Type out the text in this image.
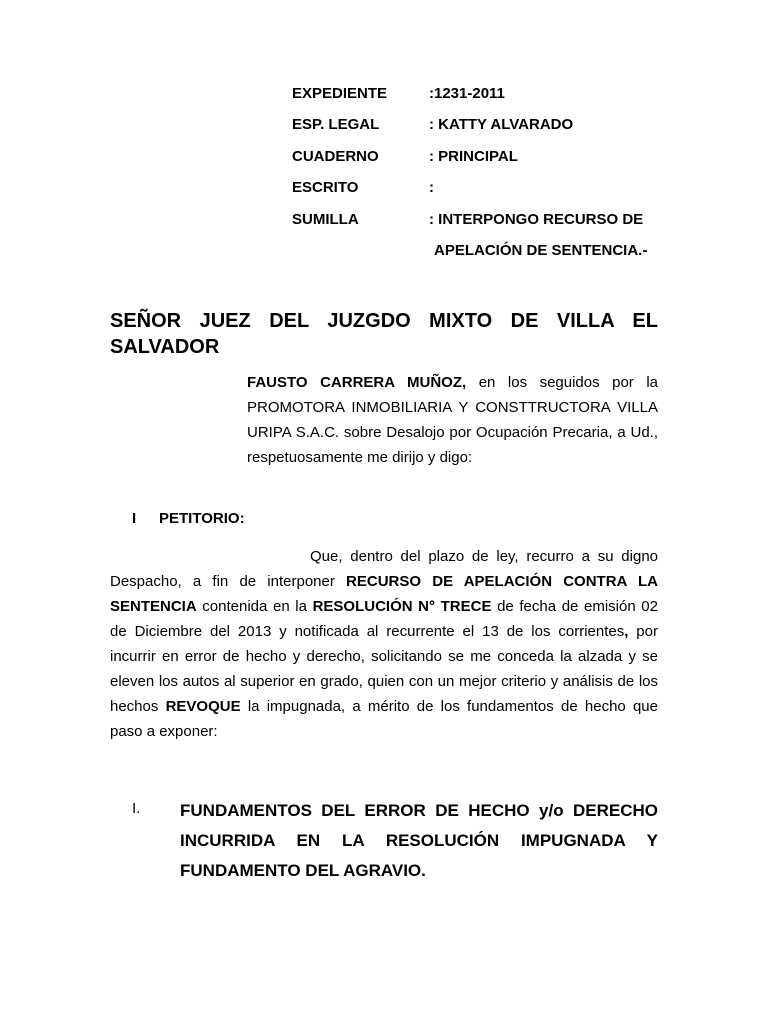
EXPEDIENTE	:1231-2011
ESP. LEGAL	: KATTY ALVARADO
CUADERNO	: PRINCIPAL
ESCRITO	:
SUMILLA	: INTERPONGO RECURSO DE
APELACIÓN DE SENTENCIA.-
SEÑOR JUEZ DEL JUZGDO MIXTO DE VILLA EL SALVADOR
FAUSTO CARRERA MUÑOZ, en los seguidos por la PROMOTORA INMOBILIARIA Y CONSTTRUCTORA VILLA URIPA S.A.C. sobre Desalojo por Ocupación Precaria, a Ud., respetuosamente me dirijo y digo:
I PETITORIO:
Que, dentro del plazo de ley, recurro a su digno Despacho, a fin de interponer RECURSO DE APELACIÓN CONTRA LA SENTENCIA contenida en la RESOLUCIÓN N° TRECE de fecha de emisión 02 de Diciembre del 2013 y notificada al recurrente el 13 de los corrientes, por incurrir en error de hecho y derecho, solicitando se me conceda la alzada y se eleven los autos al superior en grado, quien con un mejor criterio y análisis de los hechos REVOQUE la impugnada, a mérito de los fundamentos de hecho que paso a exponer:
I. FUNDAMENTOS DEL ERROR DE HECHO y/o DERECHO INCURRIDA EN LA RESOLUCIÓN IMPUGNADA Y FUNDAMENTO DEL AGRAVIO.
